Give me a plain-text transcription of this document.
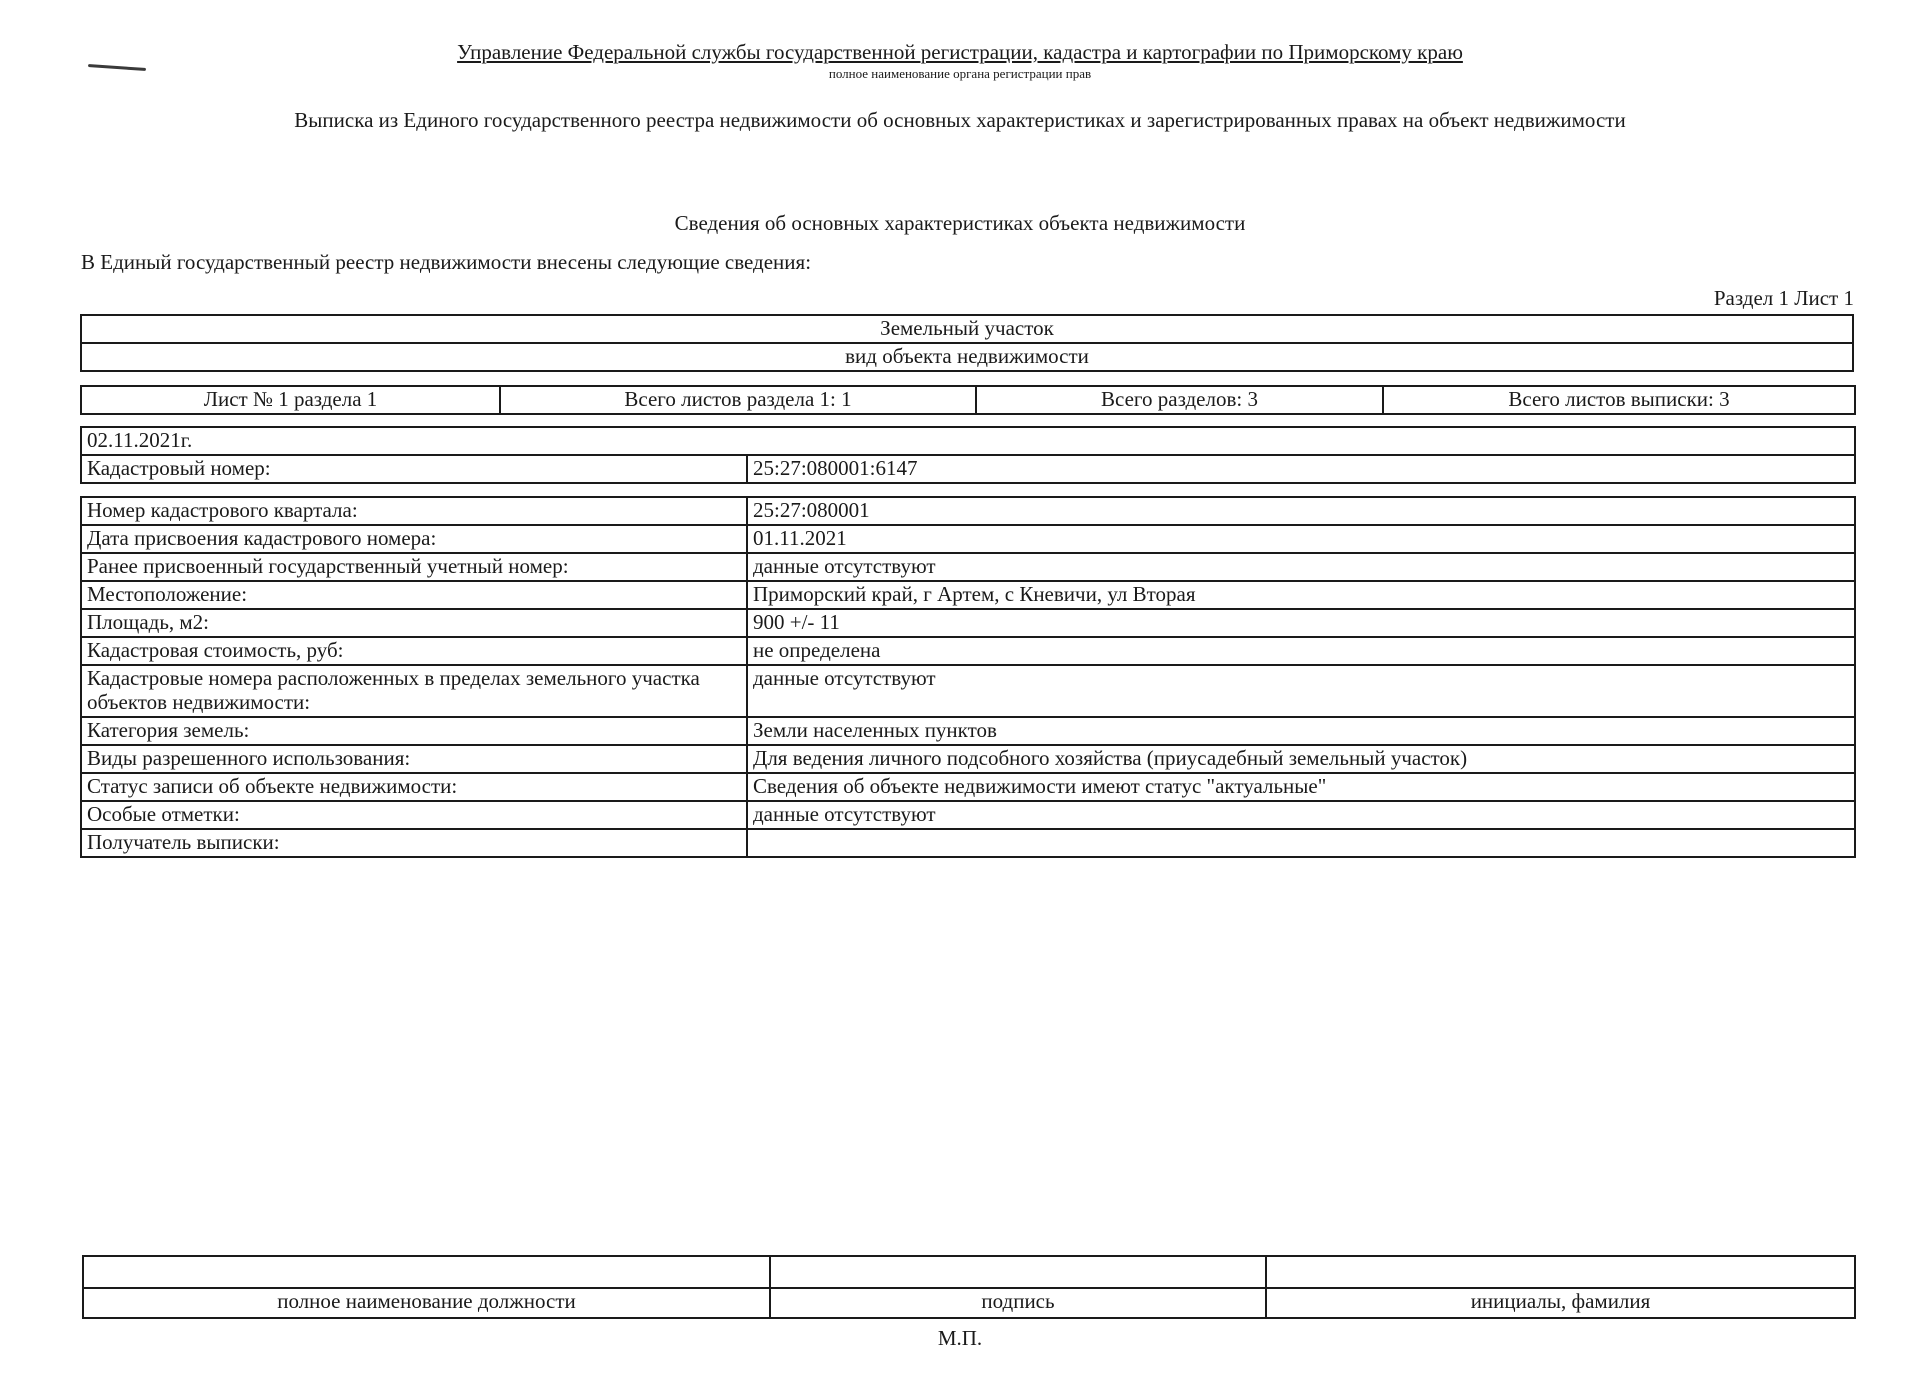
Управление Федеральной службы государственной регистрации, кадастра и картографии по Приморскому краю
полное наименование органа регистрации прав
Выписка из Единого государственного реестра недвижимости об основных характеристиках и зарегистрированных правах на объект недвижимости
Сведения об основных характеристиках объекта недвижимости
В Единый государственный реестр недвижимости внесены следующие сведения:
Раздел 1 Лист 1
Земельный участок
вид объекта недвижимости
Лист № 1 раздела 1	Всего листов раздела 1: 1	Всего разделов: 3	Всего листов выписки: 3
02.11.2021г.
Кадастровый номер:	25:27:080001:6147
Номер кадастрового квартала:	25:27:080001
Дата присвоения кадастрового номера:	01.11.2021
Ранее присвоенный государственный учетный номер:	данные отсутствуют
Местоположение:	Приморский край, г Артем, с Кневичи, ул Вторая
Площадь, м2:	900 +/- 11
Кадастровая стоимость, руб:	не определена
Кадастровые номера расположенных в пределах земельного участка объектов недвижимости:	данные отсутствуют
Категория земель:	Земли населенных пунктов
Виды разрешенного использования:	Для ведения личного подсобного хозяйства (приусадебный земельный участок)
Статус записи об объекте недвижимости:	Сведения об объекте недвижимости имеют статус "актуальные"
Особые отметки:	данные отсутствуют
Получатель выписки:	

полное наименование должности	подпись	инициалы, фамилия
М.П.
